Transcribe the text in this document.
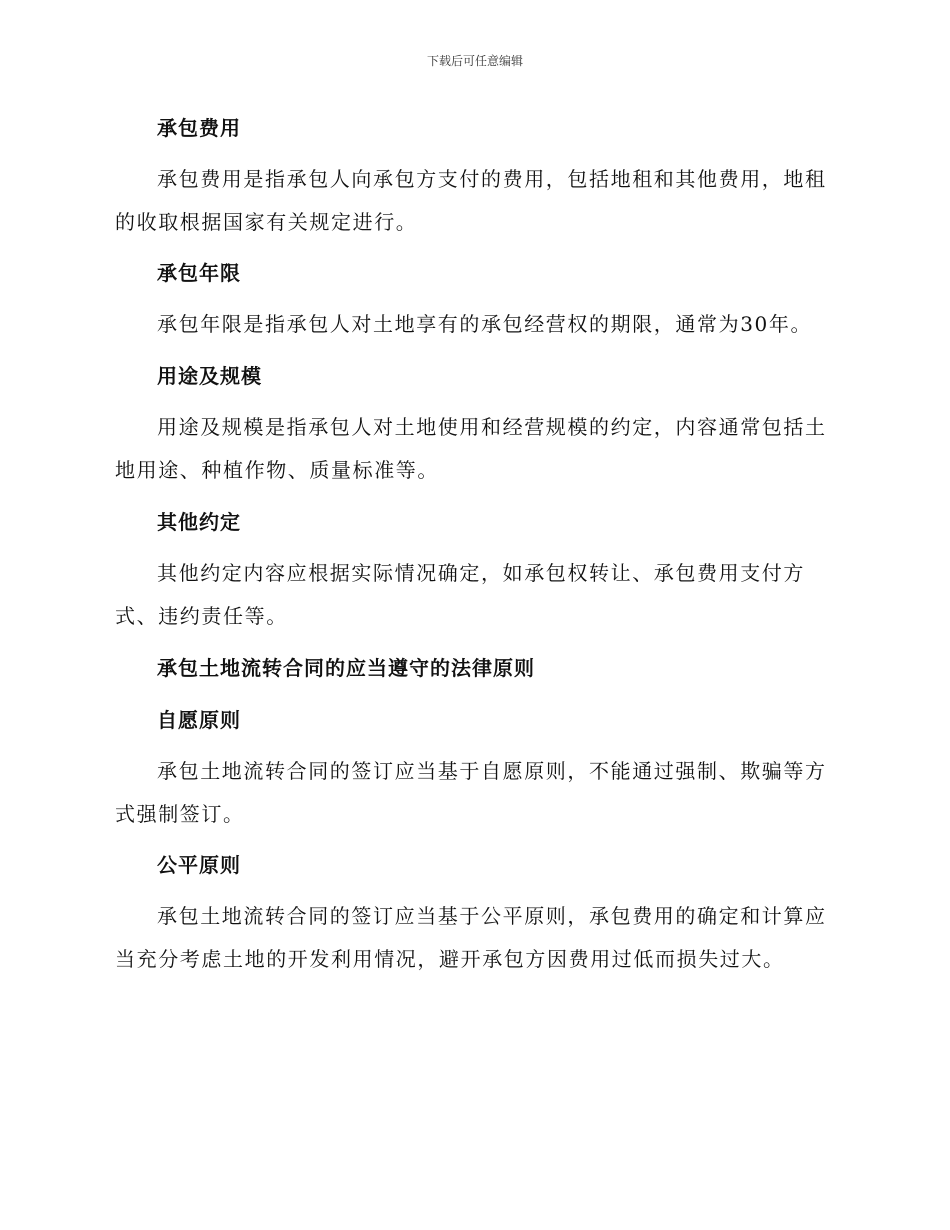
下载后可任意编辑
承包费用

承包费用是指承包人向承包方支付的费用，包括地租和其他费用，地租的收取根据国家有关规定进行。

承包年限

承包年限是指承包人对土地享有的承包经营权的期限，通常为30年。

用途及规模

用途及规模是指承包人对土地使用和经营规模的约定，内容通常包括土地用途、种植作物、质量标准等。

其他约定

其他约定内容应根据实际情况确定，如承包权转让、承包费用支付方式、违约责任等。

承包土地流转合同的应当遵守的法律原则
自愿原则

承包土地流转合同的签订应当基于自愿原则，不能通过强制、欺骗等方式强制签订。

公平原则

承包土地流转合同的签订应当基于公平原则，承包费用的确定和计算应当充分考虑土地的开发利用情况，避开承包方因费用过低而损失过大。
